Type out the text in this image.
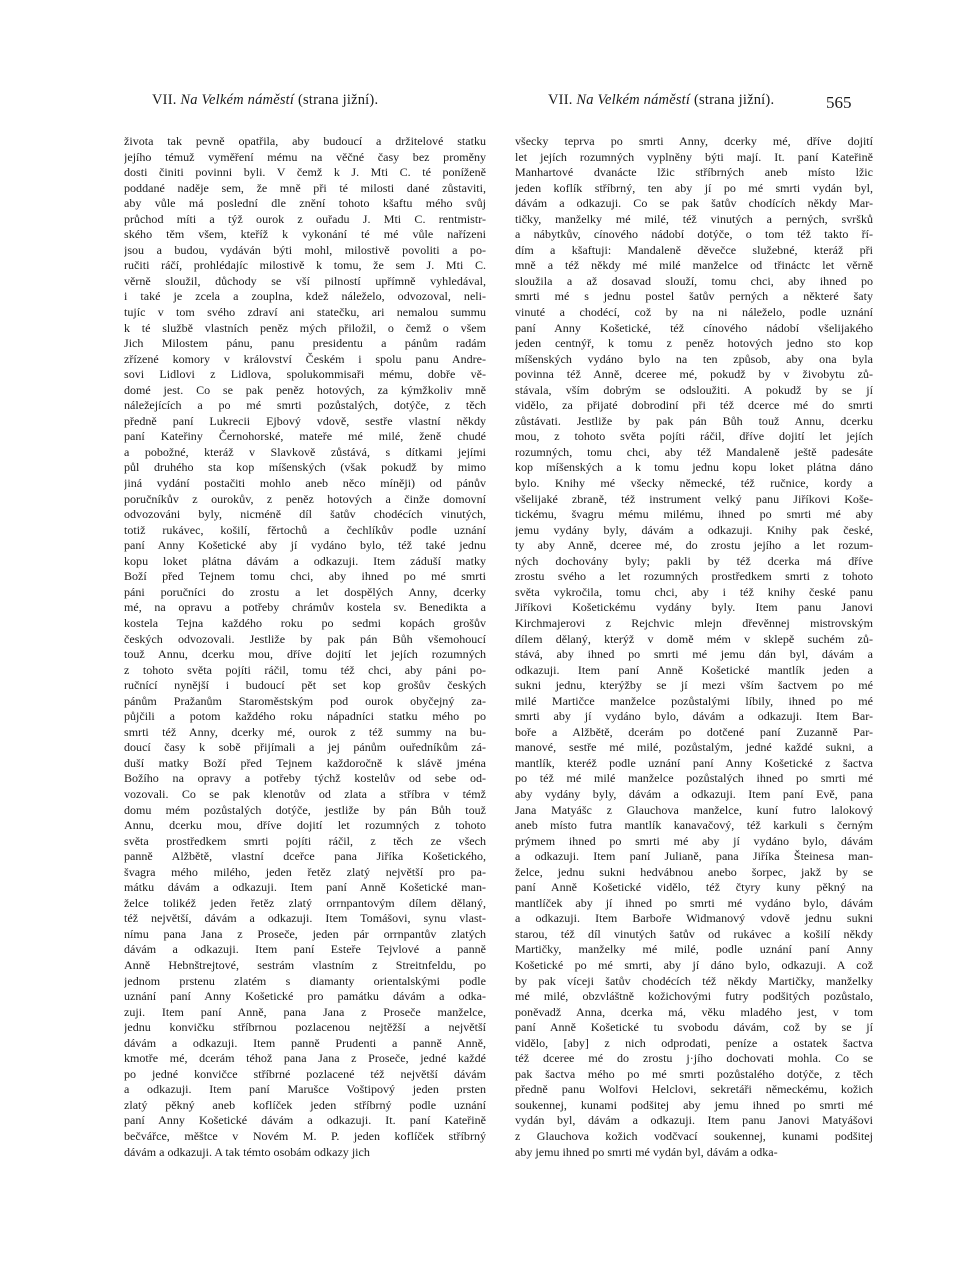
VII. Na Velkém náměstí (strana jižní).	VII. Na Velkém náměstí (strana jižní).	565
života tak pevně opatřila, aby budoucí a držitelové statku
jejího témuž vyměření mému na věčné časy bez proměny
dosti činiti povinni byli. V čemž k J. Mti C. té poníženě
poddané naděje sem, že mně při té milosti dané zůstaviti,
aby vůle má poslední dle znění tohoto kšaftu mého svůj
průchod míti a týž ourok z ouřadu J. Mti C. rentmistr-
ského těm všem, kteříž k vykonání té mé vůle nařízeni
jsou a budou, vydáván býti mohl, milostivě povoliti a po-
ručiti ráčí, prohlédajíc milostivě k tomu, že sem J. Mti C.
věrně sloužil, důchody se vší pilností upřímně vyhledával,
i také je zcela a zouplna, kdež náleželo, odvozoval, neli-
tujíc v tom svého zdraví ani statečku, ari nemalou summu
k té službě vlastních peněz mých přiložil, o čemž o všem
Jich Milostem pánu, panu presidentu a pánům radám
zřízené komory v království Českém i spolu panu Andre-
sovi Lidlovi z Lidlova, spolukommisaři mému, dobře vě-
domé jest. Co se pak peněz hotových, za kýmžkoliv mně
náležejících a po mé smrti pozůstalých, dotýče, z těch
předně paní Lukrecii Ejbový vdově, sestře vlastní někdy
paní Kateřiny Černohorské, mateře mé milé, ženě chudé
a pobožné, kteráž v Slavkově zůstává, s dítkami jejími
půl druhého sta kop míšenských (však pokudž by mimo
jiná vydání postačiti mohlo aneb něco míněji) od pánův
poručníkův z ourokův, z peněz hotových a činže domovní
odvozováni byly, nicméně díl šatův chodécích vinutých,
totiž rukávec, košilí, fěrtochů a čechlíkův podle uznání
paní Anny Košetické aby jí vydáno bylo, též také jednu
kopu loket plátna dávám a odkazuji. Item záduší matky
Boží před Tejnem tomu chci, aby ihned po mé smrti
páni poručníci do zrostu a let dospělých Anny, dcerky
mé, na opravu a potřeby chrámův kostela sv. Benedikta a
kostela Tejna každého roku po sedmi kopách grošův
českých odvozovali. Jestliže by pak pán Bůh všemohoucí
touž Annu, dcerku mou, dříve dojití let jejích rozumných
z tohoto světa pojíti ráčil, tomu též chci, aby páni po-
ručnící nynější i budoucí pět set kop grošův českých
pánům Pražanům Staroměstským pod ourok obyčejný za-
půjčili a potom každého roku nápadníci statku mého po
smrti též Anny, dcerky mé, ourok z též summy na bu-
doucí časy k sobě přijímali a jej pánům ouředníkům zá-
duší matky Boží před Tejnem každoročně k slávě jména
Božího na opravy a potřeby týchž kostelův od sebe od-
vozovali. Co se pak klenotův od zlata a stříbra v témž
domu mém pozůstalých dotýče, jestliže by pán Bůh touž
Annu, dcerku mou, dříve dojití let rozumných z tohoto
světa prostředkem smrti pojíti ráčil, z těch ze všech
panně Alžbětě, vlastní dceřce pana Jiříka Košetického,
švagra mého milého, jeden řetěz zlatý největší pro pa-
mátku dávám a odkazuji. Item paní Anně Košetické man-
želce tolikéž jeden řetěz zlatý orrnpantovým dílem dělaný,
též největší, dávám a odkazuji. Item Tomášovi, synu vlast-
nímu pana Jana z Proseče, jeden pár orrnpantův zlatých
dávám a odkazuji. Item paní Esteře Tejvlové a panně
Anně Hebnštrejtové, sestrám vlastním z Streitnfeldu, po
jednom prstenu zlatém s diamanty orientalskými podle
uznání paní Anny Košetické pro památku dávám a odka-
zuji. Item paní Anně, pana Jana z Proseče manželce,
jednu konvičku stříbrnou pozlacenou nejtěžší a největší
dávám a odkazuji. Item panně Prudenti a panně Anně,
kmotře mé, dcerám téhož pana Jana z Proseče, jedné každé
po jedné konvičce stříbrné pozlacené též největší dávám
a odkazuji. Item paní Marušce Voštipový jeden prsten
zlatý pěkný aneb koflíček jeden stříbrný podle uznání
paní Anny Košetické dávám a odkazuji. It. paní Kateřině
bečvářce, měštce v Novém M. P. jeden koflíček stříbrný
dávám a odkazuji. A tak témto osobám odkazy jich
všecky teprva po smrti Anny, dcerky mé, dříve dojití
let jejích rozumných vyplněny býti mají. It. paní Kateřině
Manhartové dvanácte lžic stříbrných aneb místo lžic
jeden koflík stříbrný, ten aby jí po mé smrti vydán byl,
dávám a odkazuji. Co se pak šatův chodících někdy Mar-
tičky, manželky mé milé, též vinutých a perných, svršků
a nábytkův, cínového nádobí dotýče, o tom též takto ří-
dím a kšaftuji: Mandaleně děvečce služebné, kteráž při
mně a též někdy mé milé manželce od třináctc let věrně
sloužila a až dosavad slouží, tomu chci, aby ihned po
smrti mé s jednu postel šatův perných a některé šaty
vinuté a chodécí, což by na ni náleželo, podle uznání
paní Anny Košetické, též cínového nádobí všelijakého
jeden centnýř, k tomu z peněz hotových jedno sto kop
míšenských vydáno bylo na ten způsob, aby ona byla
povinna též Anně, dceree mé, pokudž by v živobytu zů-
stávala, vším dobrým se odsloužiti. A pokudž by se jí
vidělo, za přijaté dobrodiní při též dcerce mé do smrti
zůstávati. Jestliže by pak pán Bůh touž Annu, dcerku
mou, z tohoto světa pojíti ráčil, dříve dojití let jejích
rozumných, tomu chci, aby též Mandaleně ještě padesáte
kop míšenských a k tomu jednu kopu loket plátna dáno
bylo. Knihy mé všecky německé, též ručnice, kordy a
všelijaké zbraně, též instrument velký panu Jiříkovi Koše-
tickému, švagru mému milému, ihned po smrti mé aby
jemu vydány byly, dávám a odkazuji. Knihy pak české,
ty aby Anně, dceree mé, do zrostu jejího a let rozum-
ných dochovány byly; pakli by též dcerka má dříve
zrostu svého a let rozumných prostředkem smrti z tohoto
světa vykročila, tomu chci, aby i též knihy české panu
Jiříkovi Košetickému vydány byly. Item panu Janovi
Kirchmajerovi z Rejchvic mlejn dřevěnnej mistrovským
dílem dělaný, kterýž v domě mém v sklepě suchém zů-
stává, aby ihned po smrti mé jemu dán byl, dávám a
odkazuji. Item paní Anně Košetické mantlík jeden a
sukni jednu, kterýžby se jí mezi vším šactvem po mé
milé Martičce manželce pozůstalými líbily, ihned po mé
smrti aby jí vydáno bylo, dávám a odkazuji. Item Bar-
boře a Alžbětě, dcerám po dotčené paní Zuzanně Par-
manové, sestře mé milé, pozůstalým, jedné každé sukni, a
mantlík, kteréž podle uznání paní Anny Košetické z šactva
po též mé milé manželce pozůstalých ihned po smrti mé
aby vydány byly, dávám a odkazuji. Item paní Evě, pana
Jana Matyášc z Glauchova manželce, kuní futro lalokový
aneb místo futra mantlík kanavačový, též karkuli s černým
prýmem ihned po smrti mé aby jí vydáno bylo, dávám
a odkazuji. Item paní Julianě, pana Jiříka Šteinesa man-
želce, jednu sukni hedvábnou anebo šorpec, jakž by se
paní Anně Košetické vidělo, též čtyry kuny pěkný na
mantlíček aby jí ihned po smrti mé vydáno bylo, dávám
a odkazuji. Item Barboře Widmanový vdově jednu sukni
starou, též díl vinutých šatův od rukávec a košilí někdy
Martičky, manželky mé milé, podle uznání paní Anny
Košetické po mé smrti, aby jí dáno bylo, odkazuji. A což
by pak víceji šatův chodécích též někdy Martičky, manželky
mé milé, obzvláštně kožichovými futry podšitých pozůstalo,
poněvadž Anna, dcerka má, věku mladého jest, v tom
paní Anně Košetické tu svobodu dávám, což by se jí
vidělo, [aby] z nich odprodati, peníze a ostatek šactva
též dceree mé do zrostu j·jího dochovati mohla. Co se
pak šactva mého po mé smrti pozůstalého dotýče, z těch
předně panu Wolfovi Helclovi, sekretáři německému, kožich
soukennej, kunami podšitej aby jemu ihned po smrti mé
vydán byl, dávám a odkazuji. Item panu Janovi Matyášovi
z Glauchova kožich vodčvací soukennej, kunami podšitej
aby jemu ihned po smrti mé vydán byl, dávám a odka-
